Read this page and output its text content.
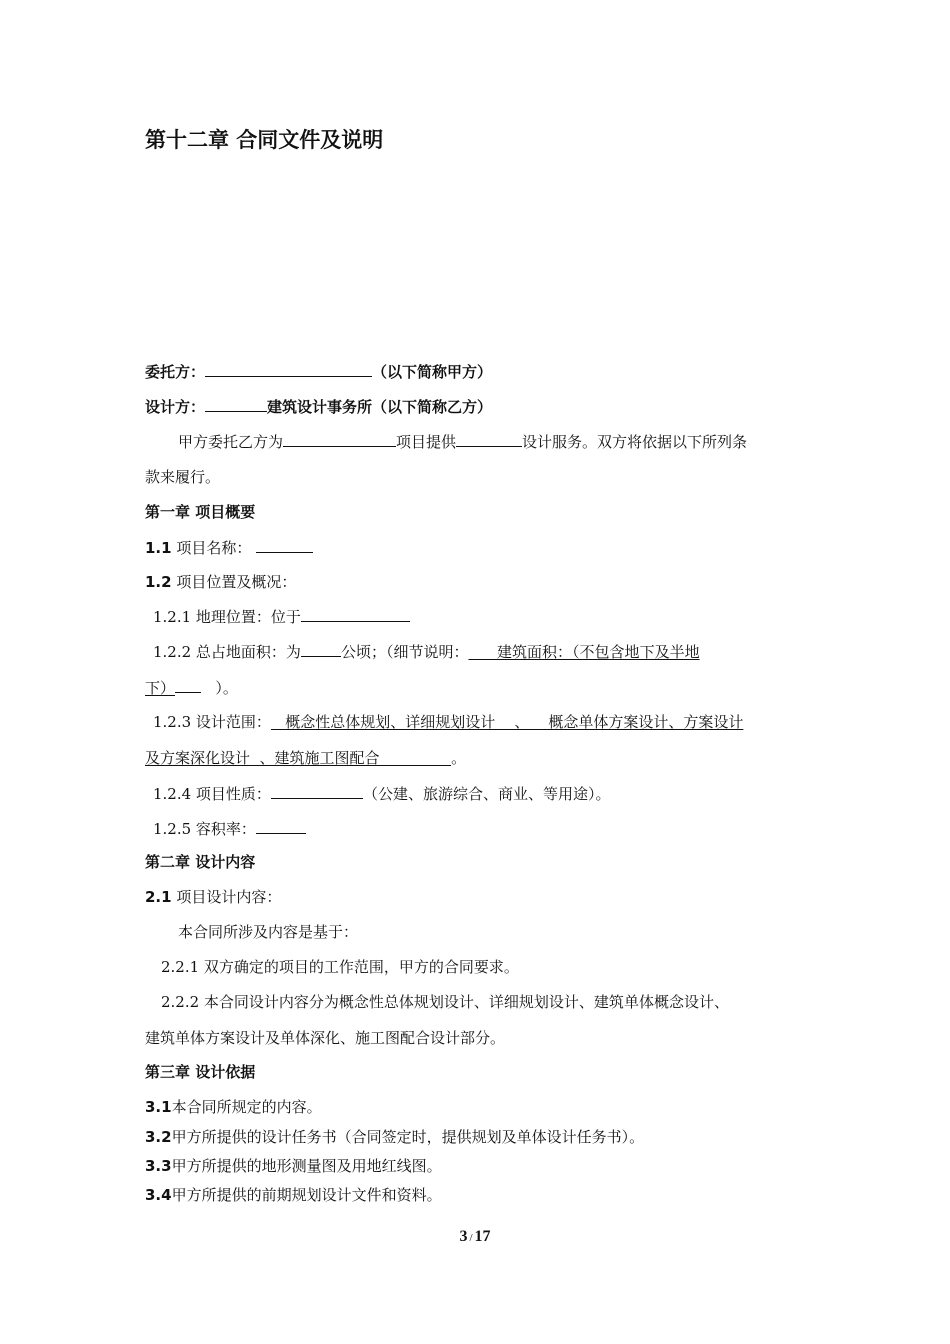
第十二章 合同文件及说明
委托方：	（以下简称甲方）
设计方：	建筑设计事务所（以下简称乙方）
甲方委托乙方为	项目提供	设计服务。双方将依据以下所列条
款来履行。
第一章 项目概要
1.1 项目名称：
1.2 项目位置及概况：
1.2.1 地理位置：位于
1.2.2 总占地面积：为	公顷；（细节说明：      建筑面积：（不包含地下及半地
下）   ）。
1.2.3 设计范围：   概念性总体规划、详细规划设计    、    概念单体方案设计、方案设计
及方案深化设计  、建筑施工图配合               。
1.2.4 项目性质：	（公建、旅游综合、商业、等用途）。
1.2.5 容积率：
第二章 设计内容
2.1 项目设计内容：
本合同所涉及内容是基于：
2.2.1 双方确定的项目的工作范围，甲方的合同要求。
2.2.2 本合同设计内容分为概念性总体规划设计、详细规划设计、建筑单体概念设计、
建筑单体方案设计及单体深化、施工图配合设计部分。
第三章 设计依据
3.1本合同所规定的内容。
3.2甲方所提供的设计任务书（合同签定时，提供规划及单体设计任务书）。
3.3甲方所提供的地形测量图及用地红线图。
3.4甲方所提供的前期规划设计文件和资料。
3 / 17
